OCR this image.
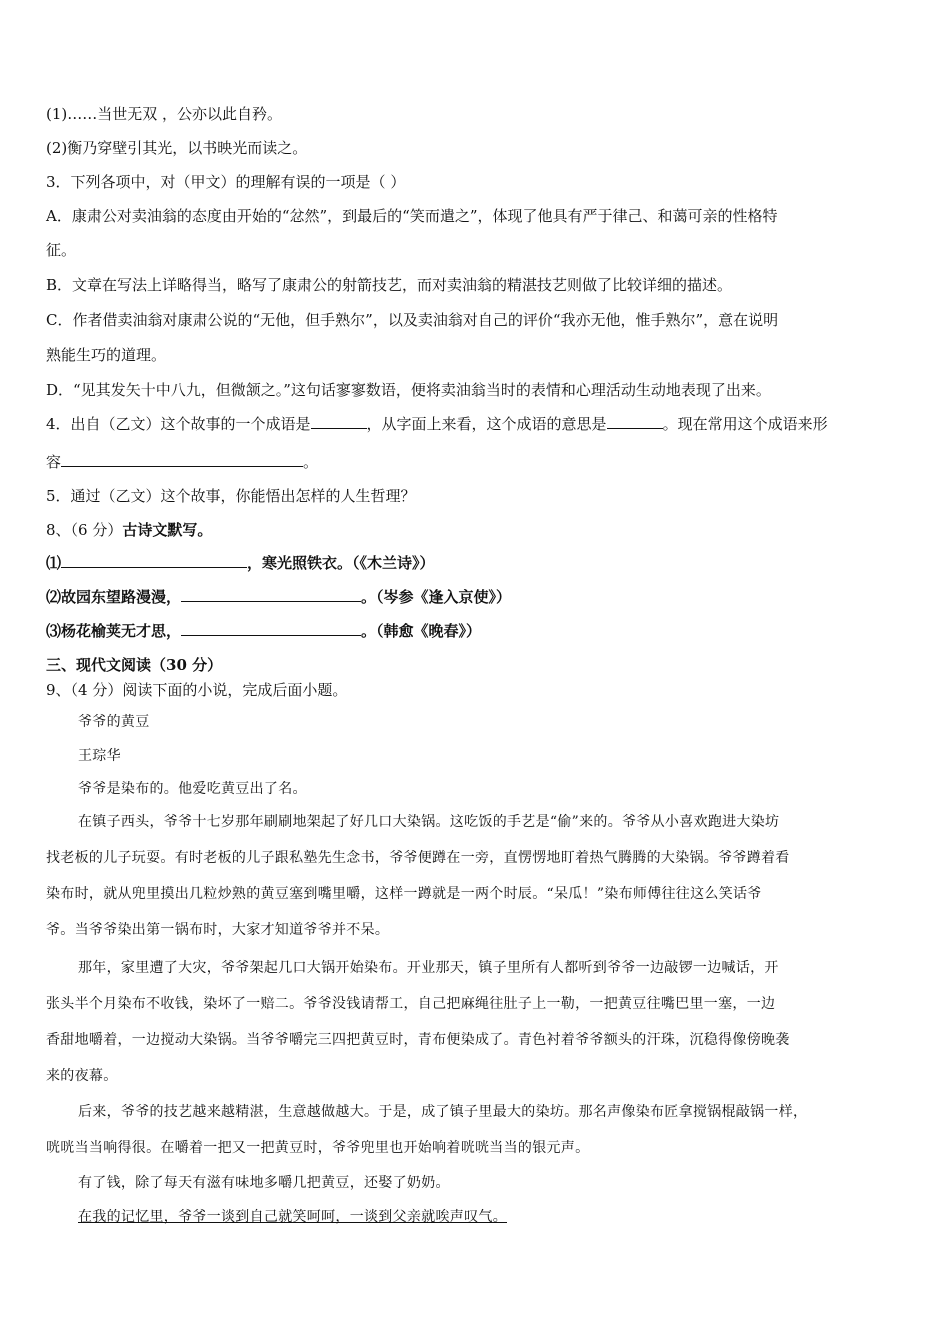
(1)……当世无双 ，公亦以此自矜。
(2)衡乃穿壁引其光，以书映光而读之。
3．下列各项中，对（甲文）的理解有误的一项是（ ）
A．康肃公对卖油翁的态度由开始的“忿然”，到最后的“笑而遣之”，体现了他具有严于律己、和蔼可亲的性格特
征。
B．文章在写法上详略得当，略写了康肃公的射箭技艺，而对卖油翁的精湛技艺则做了比较详细的描述。
C．作者借卖油翁对康肃公说的“无他，但手熟尔”，以及卖油翁对自己的评价“我亦无他，惟手熟尔”，意在说明
熟能生巧的道理。
D．“见其发矢十中八九，但微颔之。”这句话寥寥数语，便将卖油翁当时的表情和心理活动生动地表现了出来。
4．出自（乙文）这个故事的一个成语是	，从字面上来看，这个成语的意思是	。现在常用这个成语来形
容	。
5．通过（乙文）这个故事，你能悟出怎样的人生哲理？
8、（6 分）古诗文默写。
⑴	，寒光照铁衣。（《木兰诗》）
⑵故园东望路漫漫，	。（岑参《逢入京使》）
⑶杨花榆荚无才思，	。（韩愈《晚春》）
三、现代文阅读（30 分）
9、（4 分）阅读下面的小说，完成后面小题。
爷爷的黄豆
王琮华
爷爷是染布的。他爱吃黄豆出了名。
在镇子西头，爷爷十七岁那年刷刷地架起了好几口大染锅。这吃饭的手艺是“偷”来的。爷爷从小喜欢跑进大染坊
找老板的儿子玩耍。有时老板的儿子跟私塾先生念书，爷爷便蹲在一旁，直愣愣地盯着热气腾腾的大染锅。爷爷蹲着看
染布时，就从兜里摸出几粒炒熟的黄豆塞到嘴里嚼，这样一蹲就是一两个时辰。“呆瓜！”染布师傅往往这么笑话爷
爷。当爷爷染出第一锅布时，大家才知道爷爷并不呆。
那年，家里遭了大灾，爷爷架起几口大锅开始染布。开业那天，镇子里所有人都听到爷爷一边敲锣一边喊话，开
张头半个月染布不收钱，染坏了一赔二。爷爷没钱请帮工，自己把麻绳往肚子上一勒，一把黄豆往嘴巴里一塞，一边
香甜地嚼着，一边搅动大染锅。当爷爷嚼完三四把黄豆时，青布便染成了。青色衬着爷爷额头的汗珠，沉稳得像傍晚袭
来的夜幕。
后来，爷爷的技艺越来越精湛，生意越做越大。于是，成了镇子里最大的染坊。那名声像染布匠拿搅锅棍敲锅一样，
咣咣当当响得很。在嚼着一把又一把黄豆时，爷爷兜里也开始响着咣咣当当的银元声。
有了钱，除了每天有滋有味地多嚼几把黄豆，还娶了奶奶。
在我的记忆里，爷爷一谈到自己就笑呵呵，一谈到父亲就唉声叹气。
